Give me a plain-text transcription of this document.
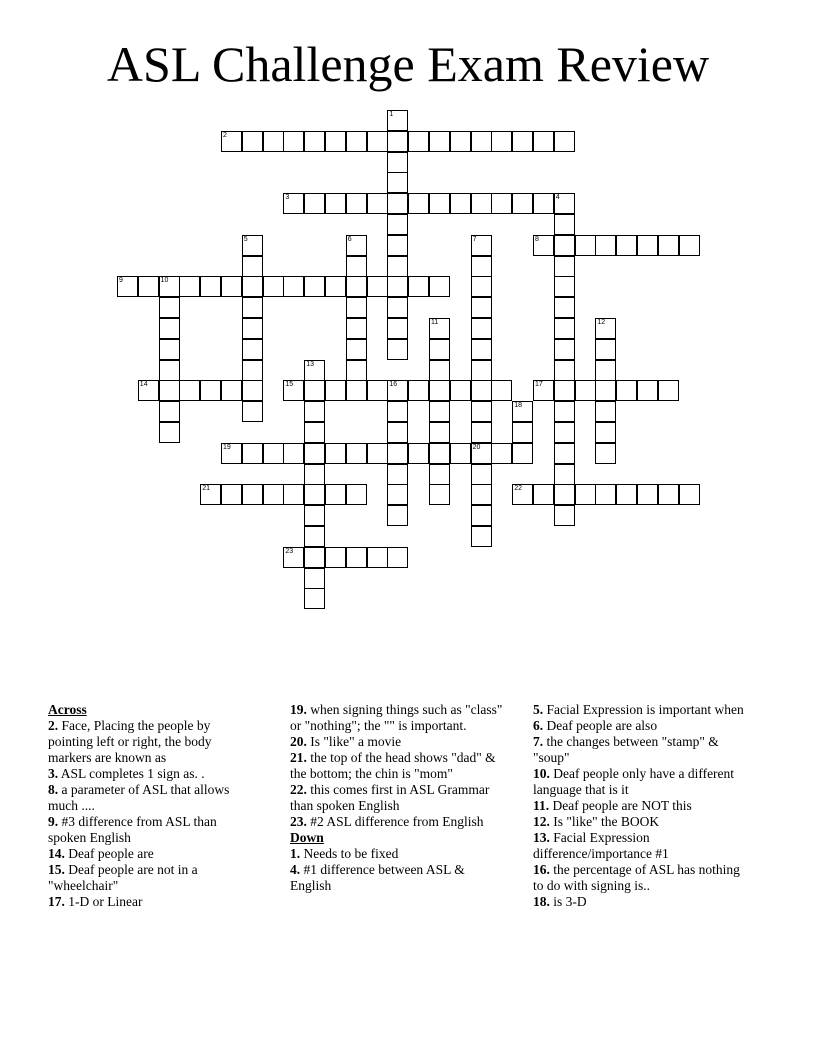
ASL Challenge Exam Review
1
2
3	4
5	6	7
20
8
9	10
11	12
13
14	15	16	17
18
19
21	22
23

Across

2. Face, Placing the people by pointing left or right, the body markers are known as

3. ASL completes 1 sign as. .

8. a parameter of ASL that allows much ....

9. #3 difference from ASL than spoken English

14. Deaf people are

15. Deaf people are not in a "wheelchair"

17. 1-D or Linear

19. when signing things such as "class" or "nothing"; the "" is important.

20. Is "like" a movie

21. the top of the head shows "dad" & the bottom; the chin is "mom"

22. this comes first in ASL Grammar than spoken English

23. #2 ASL difference from English

Down

1. Needs to be fixed

4. #1 difference between ASL & English

5. Facial Expression is important when

6. Deaf people are also

7. the changes between "stamp" & "soup"

10. Deaf people only have a different language that is it

11. Deaf people are NOT this

12. Is "like" the BOOK

13. Facial Expression difference/importance #1

16. the percentage of ASL has nothing to do with signing is..

18. is 3-D
